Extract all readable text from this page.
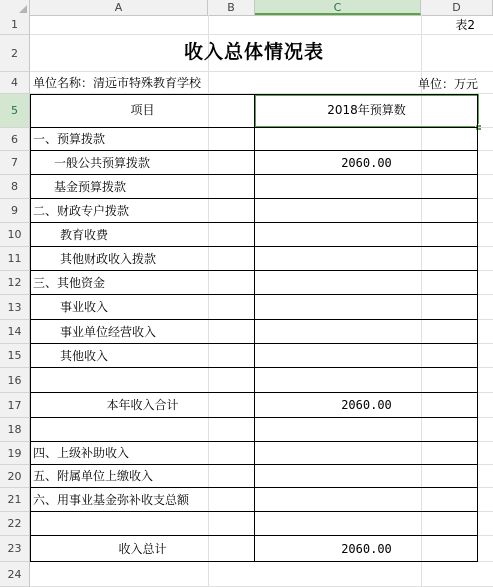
A	B	C	D
1
2
4
5
6
7
8
9
10
11
12
13
14
15
16
17
18
19
20
21
22
23
24
表2
收入总体情况表
单位名称：清远市特殊教育学校	单位：万元
项目	2018年预算数
一、预算拨款
一般公共预算拨款	2060.00
基金预算拨款
二、财政专户拨款
教育收费
其他财政收入拨款
三、其他资金
事业收入
事业单位经营收入
其他收入
本年收入合计	2060.00
四、上级补助收入
五、附属单位上缴收入
六、用事业基金弥补收支总额
收入总计	2060.00
